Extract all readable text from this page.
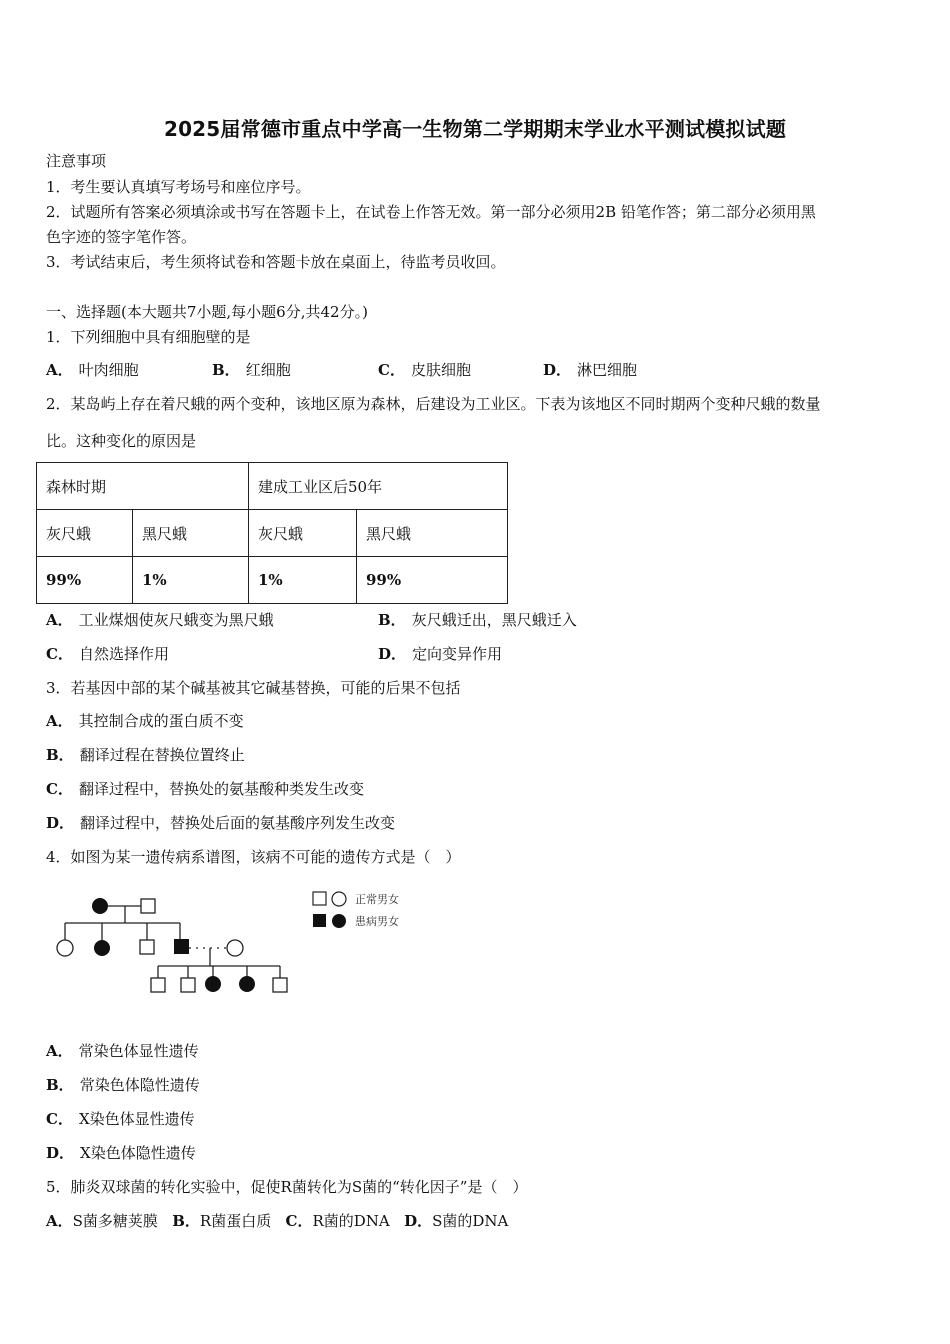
2025届常德市重点中学高一生物第二学期期末学业水平测试模拟试题
注意事项
1．考生要认真填写考场号和座位序号。
2．试题所有答案必须填涂或书写在答题卡上，在试卷上作答无效。第一部分必须用2B 铅笔作答；第二部分必须用黑
色字迹的签字笔作答。
3．考试结束后，考生须将试卷和答题卡放在桌面上，待监考员收回。
一、选择题(本大题共7小题,每小题6分,共42分。)
1．下列细胞中具有细胞壁的是
A． 叶肉细胞	B． 红细胞	C． 皮肤细胞	D． 淋巴细胞
2．某岛屿上存在着尺蛾的两个变种，该地区原为森林，后建设为工业区。下表为该地区不同时期两个变种尺蛾的数量
比。这种变化的原因是
森林时期		建成工业区后50年	
灰尺蛾	黑尺蛾	灰尺蛾	黑尺蛾
99%	1%	1%	99%
A． 工业煤烟使灰尺蛾变为黑尺蛾	B． 灰尺蛾迁出，黑尺蛾迁入
C． 自然选择作用	D． 定向变异作用
3．若基因中部的某个碱基被其它碱基替换，可能的后果不包括
A． 其控制合成的蛋白质不变
B． 翻译过程在替换位置终止
C． 翻译过程中，替换处的氨基酸种类发生改变
D． 翻译过程中，替换处后面的氨基酸序列发生改变
4．如图为某一遗传病系谱图，该病不可能的遗传方式是（　）
正常男女
患病男女
A． 常染色体显性遗传
B． 常染色体隐性遗传
C． X染色体显性遗传
D． X染色体隐性遗传
5．肺炎双球菌的转化实验中，促使R菌转化为S菌的“转化因子”是（　）
A．S菌多糖荚膜 B．R菌蛋白质 C．R菌的DNA D．S菌的DNA
